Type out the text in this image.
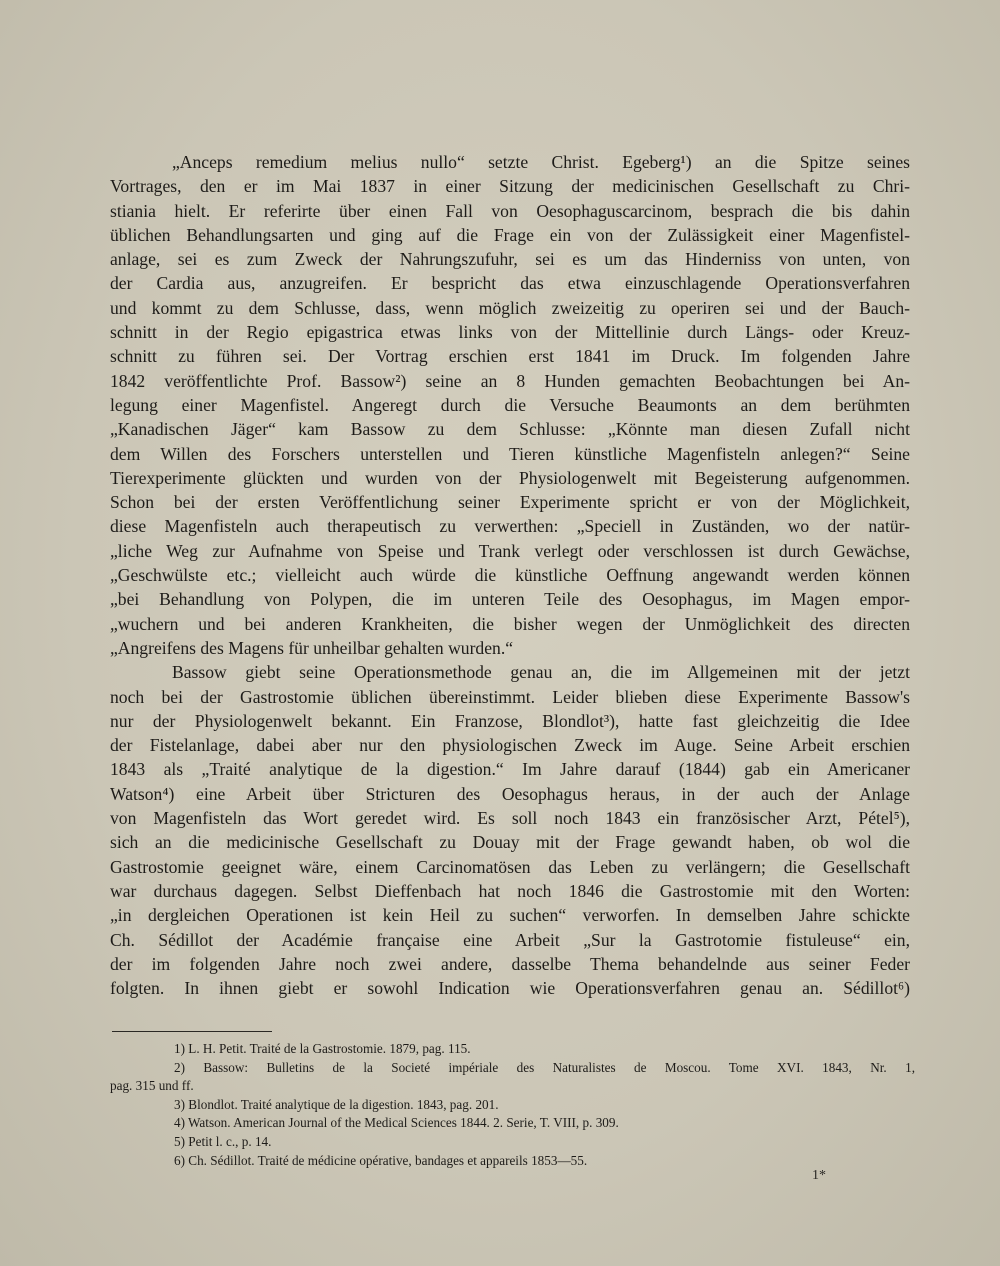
„Anceps remedium melius nullo“ setzte Christ. Egeberg¹) an die Spitze seines
Vortrages, den er im Mai 1837 in einer Sitzung der medicinischen Gesellschaft zu Chri-
stiania hielt. Er referirte über einen Fall von Oesophaguscarcinom, besprach die bis dahin
üblichen Behandlungsarten und ging auf die Frage ein von der Zulässigkeit einer Magenfistel-
anlage, sei es zum Zweck der Nahrungszufuhr, sei es um das Hinderniss von unten, von
der Cardia aus, anzugreifen. Er bespricht das etwa einzuschlagende Operationsverfahren
und kommt zu dem Schlusse, dass, wenn möglich zweizeitig zu operiren sei und der Bauch-
schnitt in der Regio epigastrica etwas links von der Mittellinie durch Längs- oder Kreuz-
schnitt zu führen sei. Der Vortrag erschien erst 1841 im Druck. Im folgenden Jahre
1842 veröffentlichte Prof. Bassow²) seine an 8 Hunden gemachten Beobachtungen bei An-
legung einer Magenfistel. Angeregt durch die Versuche Beaumonts an dem berühmten
„Kanadischen Jäger“ kam Bassow zu dem Schlusse: „Könnte man diesen Zufall nicht
dem Willen des Forschers unterstellen und Tieren künstliche Magenfisteln anlegen?“ Seine
Tierexperimente glückten und wurden von der Physiologenwelt mit Begeisterung aufgenommen.
Schon bei der ersten Veröffentlichung seiner Experimente spricht er von der Möglichkeit,
diese Magenfisteln auch therapeutisch zu verwerthen: „Speciell in Zuständen, wo der natür-
„liche Weg zur Aufnahme von Speise und Trank verlegt oder verschlossen ist durch Gewächse,
„Geschwülste etc.; vielleicht auch würde die künstliche Oeffnung angewandt werden können
„bei Behandlung von Polypen, die im unteren Teile des Oesophagus, im Magen empor-
„wuchern und bei anderen Krankheiten, die bisher wegen der Unmöglichkeit des directen
„Angreifens des Magens für unheilbar gehalten wurden.“
Bassow giebt seine Operationsmethode genau an, die im Allgemeinen mit der jetzt
noch bei der Gastrostomie üblichen übereinstimmt. Leider blieben diese Experimente Bassow's
nur der Physiologenwelt bekannt. Ein Franzose, Blondlot³), hatte fast gleichzeitig die Idee
der Fistelanlage, dabei aber nur den physiologischen Zweck im Auge. Seine Arbeit erschien
1843 als „Traité analytique de la digestion.“ Im Jahre darauf (1844) gab ein Americaner
Watson⁴) eine Arbeit über Stricturen des Oesophagus heraus, in der auch der Anlage
von Magenfisteln das Wort geredet wird. Es soll noch 1843 ein französischer Arzt, Pétel⁵),
sich an die medicinische Gesellschaft zu Douay mit der Frage gewandt haben, ob wol die
Gastrostomie geeignet wäre, einem Carcinomatösen das Leben zu verlängern; die Gesellschaft
war durchaus dagegen. Selbst Dieffenbach hat noch 1846 die Gastrostomie mit den Worten:
„in dergleichen Operationen ist kein Heil zu suchen“ verworfen. In demselben Jahre schickte
Ch. Sédillot der Académie française eine Arbeit „Sur la Gastrotomie fistuleuse“ ein,
der im folgenden Jahre noch zwei andere, dasselbe Thema behandelnde aus seiner Feder
folgten. In ihnen giebt er sowohl Indication wie Operationsverfahren genau an. Sédillot⁶)
1) L. H. Petit. Traité de la Gastrostomie. 1879, pag. 115.
2) Bassow: Bulletins de la Societé impériale des Naturalistes de Moscou. Tome XVI. 1843, Nr. 1,
pag. 315 und ff.
3) Blondlot. Traité analytique de la digestion. 1843, pag. 201.
4) Watson. American Journal of the Medical Sciences 1844. 2. Serie, T. VIII, p. 309.
5) Petit l. c., p. 14.
6) Ch. Sédillot. Traité de médicine opérative, bandages et appareils 1853—55.
1*
